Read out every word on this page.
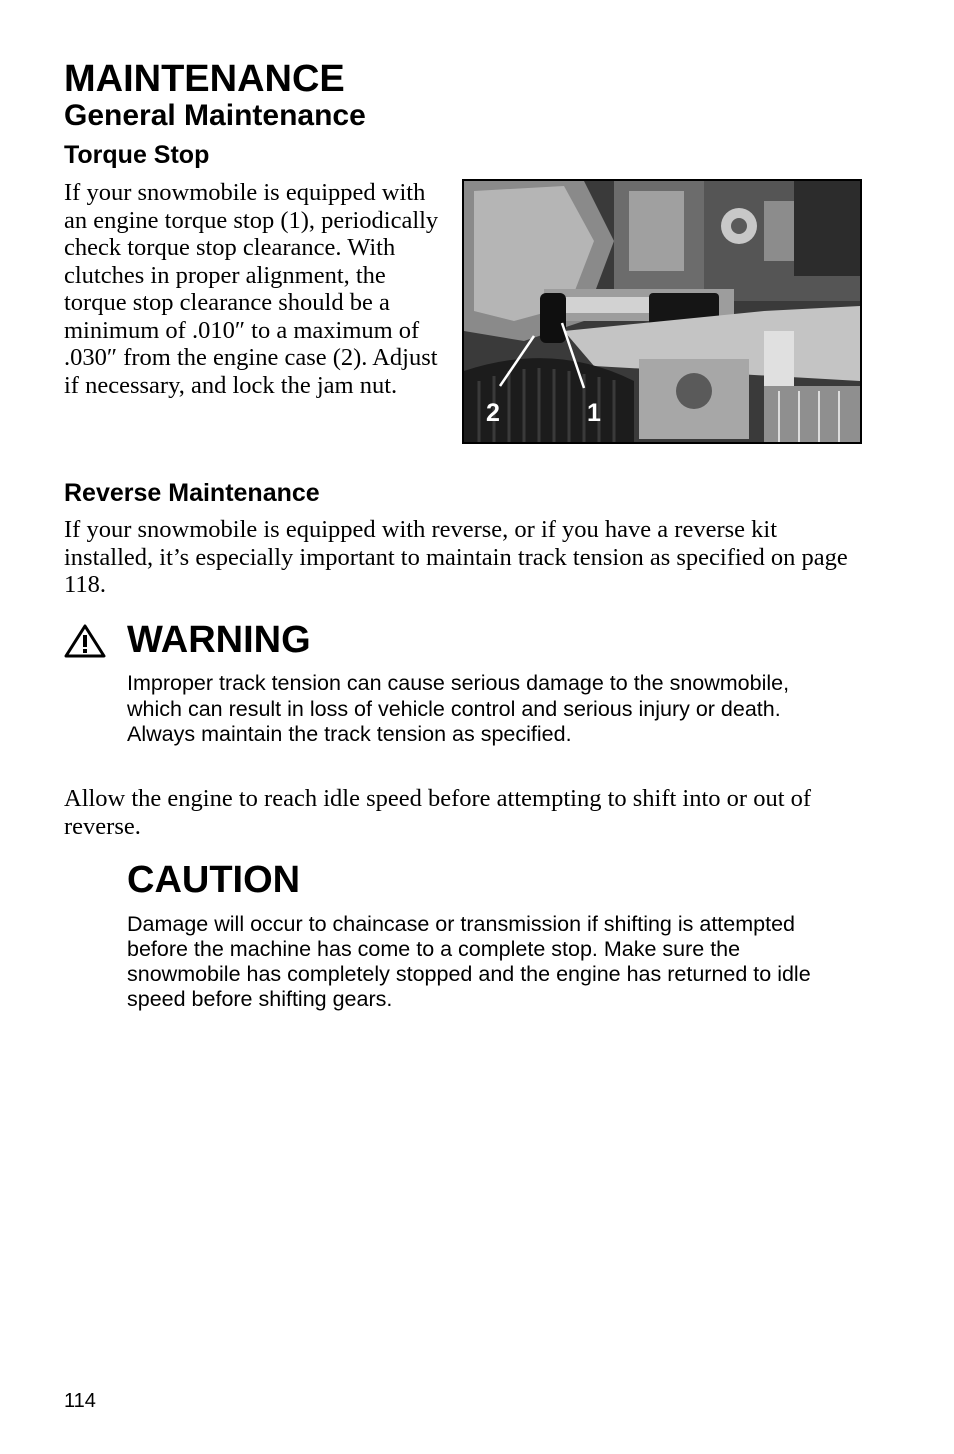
MAINTENANCE
General Maintenance
Torque Stop

If your snowmobile is equipped with an engine torque stop (1), periodically check torque stop clearance. With clutches in proper alignment, the torque stop clearance should be a minimum of .010″ to a maximum of .030″ from the engine case (2). Adjust if necessary, and lock the jam nut.

2	1
Reverse Maintenance

If your snowmobile is equipped with reverse, or if you have a reverse kit installed, it’s especially important to maintain track tension as specified on page 118.

WARNING

Improper track tension can cause serious damage to the snowmobile, which can result in loss of vehicle control and serious injury or death. Always maintain the track tension as specified.

Allow the engine to reach idle speed before attempting to shift into or out of reverse.

CAUTION

Damage will occur to chaincase or transmission if shifting is attempted before the machine has come to a complete stop. Make sure the snowmobile has completely stopped and the engine has returned to idle speed before shifting gears.

114
